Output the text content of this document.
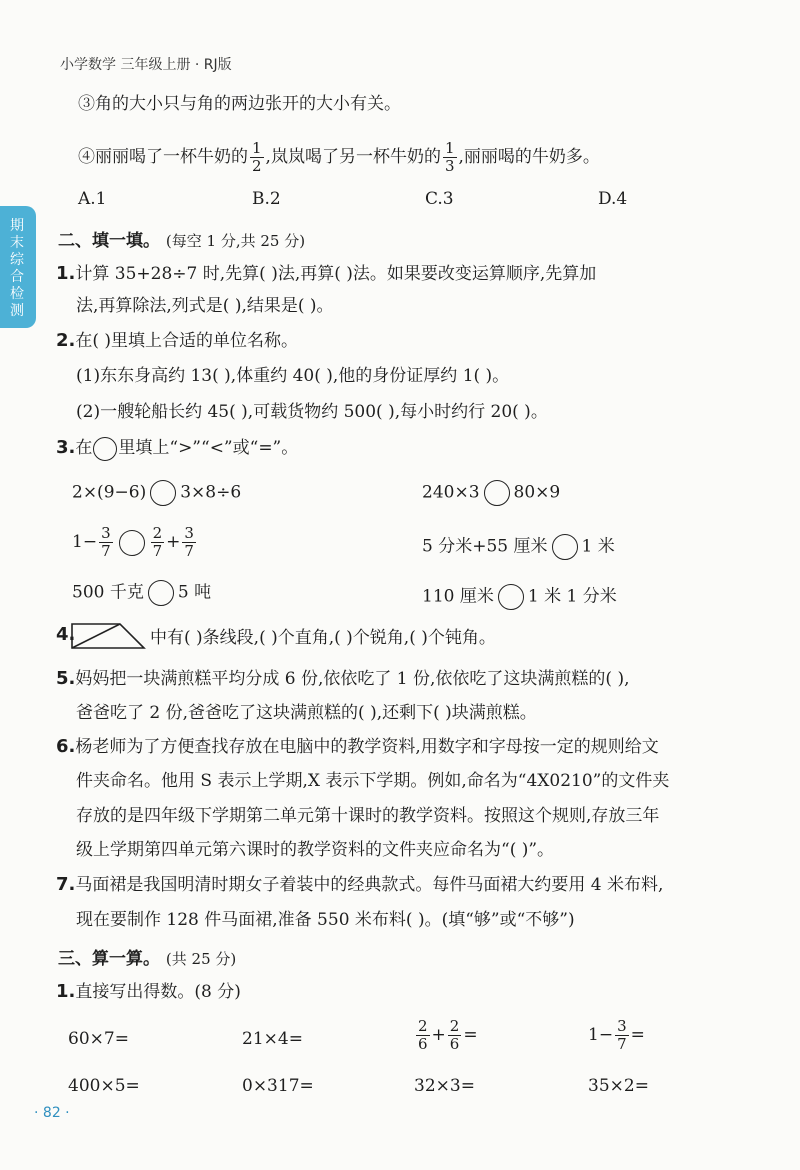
小学数学 三年级上册 · RJ版
期末综合检测
③角的大小只与角的两边张开的大小有关。
④丽丽喝了一杯牛奶的 $\frac{1}{2}$ ,岚岚喝了另一杯牛奶的 $\frac{1}{3}$ ,丽丽喝的牛奶多。
A.1	B.2	C.3	D.4
二、填一填。 (每空 1 分,共 25 分)
1.计算 35+28÷7 时,先算( )法,再算( )法。如果要改变运算顺序,先算加
法,再算除法,列式是( ),结果是( )。
2.在( )里填上合适的单位名称。
(1)东东身高约 13( ),体重约 40( ),他的身份证厚约 1( )。
(2)一艘轮船长约 45( ),可载货物约 500( ),每小时约行 20( )。
3.在 里填上“>”“<”或“=”。
2×(9−6) 3×8÷6	240×3 80×9
$1- \frac{3}{7}$	$\frac{2}{7} + \frac{3}{7}$	5 分米+55 厘米 1 米
500 千克 5 吨	110 厘米 1 米 1 分米
4.	中有( )条线段,( )个直角,( )个锐角,( )个钝角。
5.妈妈把一块满煎糕平均分成 6 份,依依吃了 1 份,依依吃了这块满煎糕的( ),
爸爸吃了 2 份,爸爸吃了这块满煎糕的( ),还剩下( )块满煎糕。
6.杨老师为了方便查找存放在电脑中的教学资料,用数字和字母按一定的规则给文
件夹命名。他用 S 表示上学期,X 表示下学期。例如,命名为“4X0210”的文件夹
存放的是四年级下学期第二单元第十课时的教学资料。按照这个规则,存放三年
级上学期第四单元第六课时的教学资料的文件夹应命名为“( )”。
7.马面裙是我国明清时期女子着装中的经典款式。每件马面裙大约要用 4 米布料,
现在要制作 128 件马面裙,准备 550 米布料( )。(填“够”或“不够”)
三、算一算。 (共 25 分)
1.直接写出得数。(8 分)
60×7=	21×4=	$\frac{2}{6} + \frac{2}{6}$ =	$1- \frac{3}{7}$ =
400×5=	0×317=	32×3=	35×2=
· 82 ·
